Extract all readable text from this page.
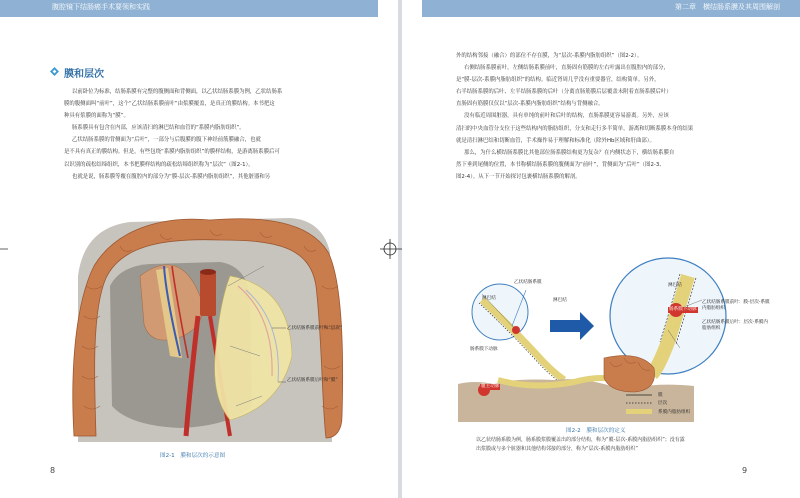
腹腔镜下结肠癌手术要领和实践
膜和层次

以前卧位为标准，结肠系膜有完整的腹侧面和背侧面，以乙状结肠系膜为例，乙状结肠系

膜的腹侧面叫“前叶”，这个“乙状结肠系膜前叶”由浆膜覆盖，是真正的膜结构。本书把这

种具有浆膜的面称为“膜”。

肠系膜具有包含在内部，应该清扫的淋巴结和血管的“系膜内脂肪组织”。

乙状结肠系膜的背侧面为“后叶”，一部分与后腹膜的腹下神经前筋膜融合，也就

是不具有真正的膜结构。但是，有些包绕“系膜内脂肪组织”的膜样结构，是游离肠系膜后可

以识别的疏松结缔组织，本书把膜样结构的疏松结缔组织称为“层次”（图2-1）。

也就是说，肠系膜等覆在腹腔内的部分为“膜-层次-系膜内脂肪组织”，其他脏器和另

乙状结肠系膜前叶和“层次”
乙状结肠系膜后叶和“膜”
图2-1　膜和层次的示意图
8
第二章　横结肠系膜及其周围解剖

外的结构邻接（融合）的部位不存在膜，为“层次-系膜内脂肪组织”（图2-2）。

右侧结肠系膜前叶，左侧结肠系膜前叶，直肠固有筋膜的左右叶露出在腹腔内的部分，

是“膜-层次-系膜内脂肪组织”的结构。临近肾周几乎没有重要器官，结构简单。另外，

右半结肠系膜的后叶、左半结肠系膜的后叶（分离直肠筋膜后层覆盖未附着直肠系膜后叶）

直肠固有筋膜仅仅以“层次-系膜内脂肪组织”结构与背侧融合。

没有临近周围脏器，具有单纯的前叶和后叶的结构，直肠系膜更容易游离。另外，应该

清扫的中央血管分支位于这些结构内的脂肪组织，分支和走行多半简单，游离和切断系膜本身的结果

就是清扫淋巴结和切断血管，手术操作易于理解和标准化（除外Hb区域和肝曲部）。

那么，为什么横结肠系膜比其他部位肠系膜结构更为复杂？在内侧状态下，横结肠系膜自

然下垂到尾侧的位置，本书称横结肠系膜的腹侧面为“前叶”，背侧面为“后叶”（图2-3、

图2-4）。从下一节开始探讨包裹横结肠系膜的解剖。

乙状结肠系膜
淋巴结	淋巴结
肠系膜下动脉
淋巴结
肠系膜下动脉
乙状结肠系膜前叶：膜-层次-系膜内脂肪组织
乙状结肠系膜后叶：层次-系膜内脂肪组织
腹主动脉
膜
层次
系膜内脂肪组织
图2-2　膜和层次的定义

以乙状结肠系膜为例，肠系膜浆膜覆盖出的部分结构，称为“膜-层次-系膜内脂肪组织”；没有露

出浆膜或与多个脏器和其他结构邻接的部分，称为“层次-系膜内脂肪组织”

9
